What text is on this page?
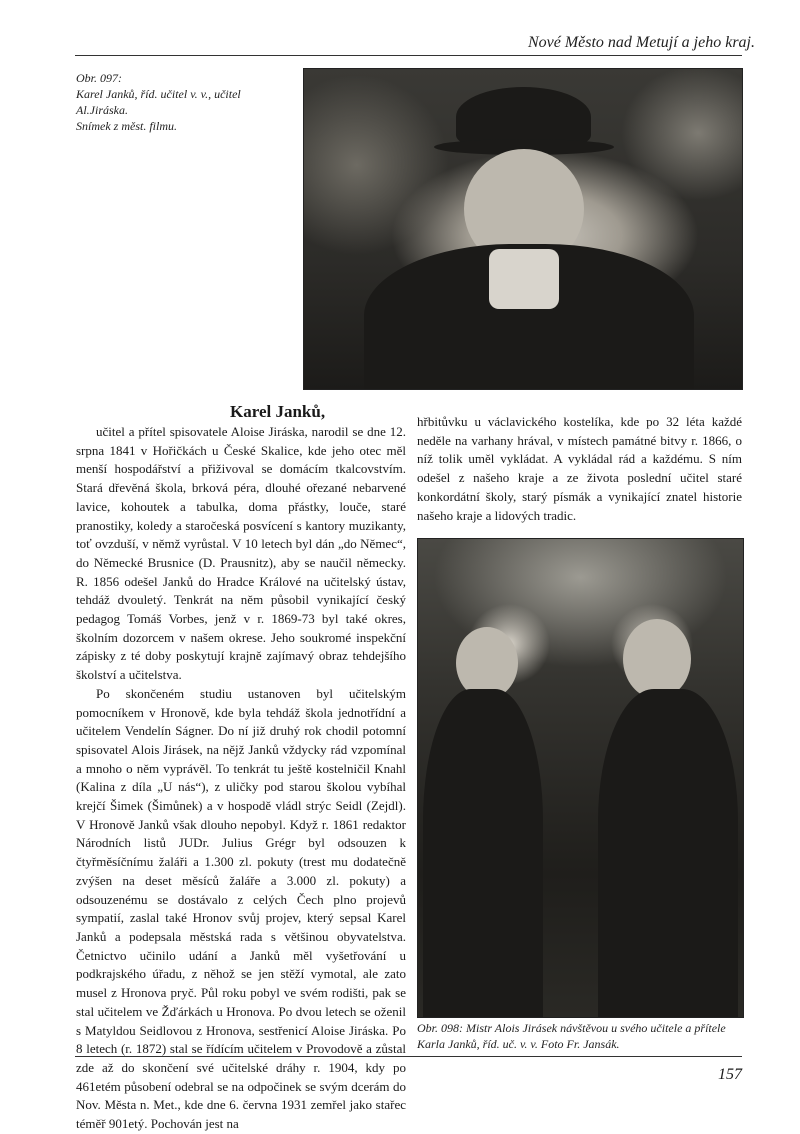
Nové Město nad Metují a jeho kraj.
Obr. 097:
Karel Janků, říd. učitel v. v., učitel
Al.Jiráska.
Snímek z měst. filmu.
Karel Janků,

učitel a přítel spisovatele Aloise Jiráska, narodil se dne 12. srpna 1841 v Hořičkách u České Skalice, kde jeho otec měl menší hospodářství a přiživoval se domácím tkalcovstvím. Stará dřevěná škola, brková péra, dlouhé ořezané nebarvené lavice, kohoutek a tabulka, doma přástky, louče, staré pranostiky, koledy a staročeská posvícení s kantory muzikanty, toť ovzduší, v němž vyrůstal. V 10 letech byl dán „do Němec“, do Německé Brusnice (D. Prausnitz), aby se naučil německy. R. 1856 odešel Janků do Hradce Králové na učitelský ústav, tehdáž dvouletý. Tenkrát na něm působil vynikající český pedagog Tomáš Vorbes, jenž v r. 1869-73 byl také okres, školním dozorcem v našem okrese. Jeho soukromé inspekční zápisky z té doby poskytují krajně zajímavý obraz tehdejšího školství a učitelstva.

Po skončeném studiu ustanoven byl učitelským pomocníkem v Hronově, kde byla tehdáž škola jednotřídní a učitelem Vendelín Ságner. Do ní již druhý rok chodil potomní spisovatel Alois Jirásek, na nějž Janků vždycky rád vzpomínal a mnoho o něm vyprávěl. To tenkrát tu ještě kostelničil Knahl (Kalina z díla „U nás“), z uličky pod starou školou vybíhal krejčí Šimek (Šimůnek) a v hospodě vládl strýc Seidl (Zejdl). V Hronově Janků však dlouho nepobyl. Když r. 1861 redaktor Národních listů JUDr. Julius Grégr byl odsouzen k čtyřměsíčnímu žaláři a 1.300 zl. pokuty (trest mu dodatečně zvýšen na deset měsíců žaláře a 3.000 zl. pokuty) a odsouzenému se dostávalo z celých Čech plno projevů sympatií, zaslal také Hronov svůj projev, který sepsal Karel Janků a podepsala městská rada s většinou obyvatelstva. Četnictvo učinilo udání a Janků měl vyšetřování u podkrajského úřadu, z něhož se jen stěží vymotal, ale zato musel z Hronova pryč. Půl roku pobyl ve svém rodišti, pak se stal učitelem ve Žďárkách u Hronova. Po dvou letech se oženil s Matyldou Seidlovou z Hronova, sestřenicí Aloise Jiráska. Po 8 letech (r. 1872) stal se řídícím učitelem v Provodově a zůstal zde až do skončení své učitelské dráhy r. 1904, kdy po 461etém působení odebral se na odpočinek se svým dcerám do Nov. Města n. Met., kde dne 6. června 1931 zemřel jako stařec téměř 901etý. Pochován jest na

hřbitůvku u václavického kostelíka, kde po 32 léta každé neděle na varhany hrával, v místech památné bitvy r. 1866, o níž tolik uměl vykládat. A vykládal rád a každému. S ním odešel z našeho kraje a ze života poslední učitel staré konkordátní školy, starý písmák a vynikající znatel historie našeho kraje a lidových tradic.

Obr. 098: Mistr Alois Jirásek návštěvou u svého učitele a přítele
Karla Janků, říd. uč. v. v. Foto Fr. Jansák.
157
